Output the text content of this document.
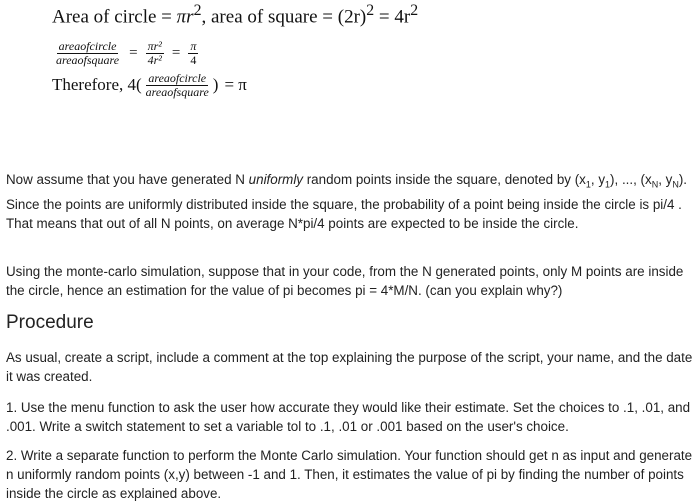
Area of circle = $\pi r^2$, area of square = $(2r)^2 = 4r^2$
$\frac{\text{areaofcircle}}{\text{areaofsquare}} = \frac{\text{πr²}}{\text{4r²}} = \frac{\pi}{4}$
Therefore, $4( \frac{\text{areaofcircle}}{\text{areaofsquare}}$ ) = π

Now assume that you have generated N uniformly random points inside the square, denoted by ($x_1$, $y_1$), ..., ($x_N$, $y_N$). Since the points are uniformly distributed inside the square, the probability of a point being inside the circle is pi/4 . That means that out of all N points, on average N*pi/4 points are expected to be inside the circle.

Using the monte-carlo simulation, suppose that in your code, from the N generated points, only M points are inside the circle, hence an estimation for the value of pi becomes pi = 4*M/N. (can you explain why?)

Procedure

As usual, create a script, include a comment at the top explaining the purpose of the script, your name, and the date it was created.

1. Use the menu function to ask the user how accurate they would like their estimate. Set the choices to .1, .01, and .001. Write a switch statement to set a variable tol to .1, .01 or .001 based on the user's choice.

2. Write a separate function to perform the Monte Carlo simulation. Your function should get n as input and generate n uniformly random points (x,y) between -1 and 1. Then, it estimates the value of pi by finding the number of points inside the circle as explained above.
